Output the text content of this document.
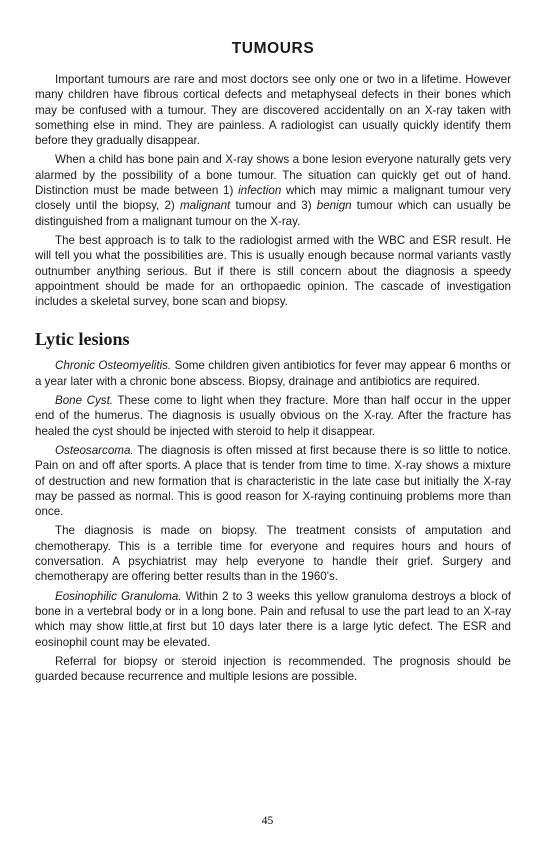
TUMOURS

Important tumours are rare and most doctors see only one or two in a lifetime. However many children have fibrous cortical defects and metaphyseal defects in their bones which may be confused with a tumour. They are discovered accidentally on an X-ray taken with something else in mind. They are painless. A radiologist can usually quickly identify them before they gradually disappear.

When a child has bone pain and X-ray shows a bone lesion everyone naturally gets very alarmed by the possibility of a bone tumour. The situation can quickly get out of hand. Distinction must be made between 1) infection which may mimic a malignant tumour very closely until the biopsy, 2) malignant tumour and 3) benign tumour which can usually be distinguished from a malignant tumour on the X-ray.

The best approach is to talk to the radiologist armed with the WBC and ESR result. He will tell you what the possibilities are. This is usually enough because normal variants vastly outnumber anything serious. But if there is still concern about the diagnosis a speedy appointment should be made for an orthopaedic opinion. The cascade of investigation includes a skeletal survey, bone scan and biopsy.

Lytic lesions

Chronic Osteomyelitis. Some children given antibiotics for fever may appear 6 months or a year later with a chronic bone abscess. Biopsy, drainage and antibiotics are required.

Bone Cyst. These come to light when they fracture. More than half occur in the upper end of the humerus. The diagnosis is usually obvious on the X-ray. After the fracture has healed the cyst should be injected with steroid to help it disappear.

Osteosarcoma. The diagnosis is often missed at first because there is so little to notice. Pain on and off after sports. A place that is tender from time to time. X-ray shows a mixture of destruction and new formation that is characteristic in the late case but initially the X-ray may be passed as normal. This is good reason for X-raying continuing problems more than once.

The diagnosis is made on biopsy. The treatment consists of amputation and chemotherapy. This is a terrible time for everyone and requires hours and hours of conversation. A psychiatrist may help everyone to handle their grief. Surgery and chemotherapy are offering better results than in the 1960's.

Eosinophilic Granuloma. Within 2 to 3 weeks this yellow granuloma destroys a block of bone in a vertebral body or in a long bone. Pain and refusal to use the part lead to an X-ray which may show little,at first but 10 days later there is a large lytic defect. The ESR and eosinophil count may be elevated.

Referral for biopsy or steroid injection is recommended. The prognosis should be guarded because recurrence and multiple lesions are possible.

45
